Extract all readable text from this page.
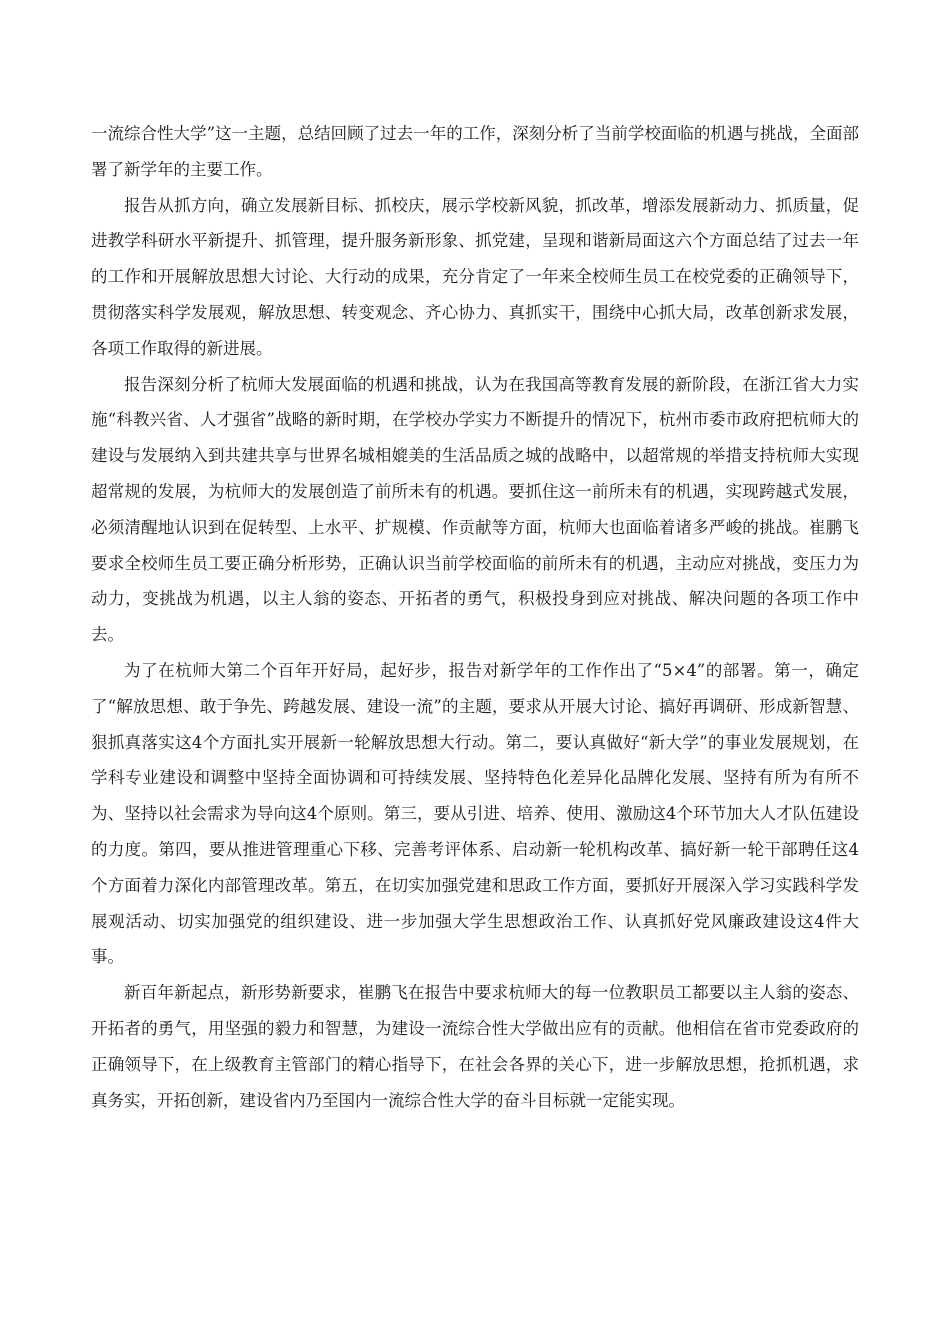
一流综合性大学”这一主题，总结回顾了过去一年的工作，深刻分析了当前学校面临的机遇与挑战，全面部署了新学年的主要工作。

报告从抓方向，确立发展新目标、抓校庆，展示学校新风貌，抓改革，增添发展新动力、抓质量，促进教学科研水平新提升、抓管理，提升服务新形象、抓党建，呈现和谐新局面这六个方面总结了过去一年的工作和开展解放思想大讨论、大行动的成果，充分肯定了一年来全校师生员工在校党委的正确领导下，贯彻落实科学发展观，解放思想、转变观念、齐心协力、真抓实干，围绕中心抓大局，改革创新求发展，各项工作取得的新进展。

报告深刻分析了杭师大发展面临的机遇和挑战，认为在我国高等教育发展的新阶段，在浙江省大力实施“科教兴省、人才强省”战略的新时期，在学校办学实力不断提升的情况下，杭州市委市政府把杭师大的建设与发展纳入到共建共享与世界名城相媲美的生活品质之城的战略中，以超常规的举措支持杭师大实现超常规的发展，为杭师大的发展创造了前所未有的机遇。要抓住这一前所未有的机遇，实现跨越式发展，必须清醒地认识到在促转型、上水平、扩规模、作贡献等方面，杭师大也面临着诸多严峻的挑战。崔鹏飞要求全校师生员工要正确分析形势，正确认识当前学校面临的前所未有的机遇，主动应对挑战，变压力为动力，变挑战为机遇，以主人翁的姿态、开拓者的勇气，积极投身到应对挑战、解决问题的各项工作中去。

为了在杭师大第二个百年开好局，起好步，报告对新学年的工作作出了“5×4”的部署。第一，确定了“解放思想、敢于争先、跨越发展、建设一流”的主题，要求从开展大讨论、搞好再调研、形成新智慧、狠抓真落实这4个方面扎实开展新一轮解放思想大行动。第二，要认真做好“新大学”的事业发展规划，在学科专业建设和调整中坚持全面协调和可持续发展、坚持特色化差异化品牌化发展、坚持有所为有所不为、坚持以社会需求为导向这4个原则。第三，要从引进、培养、使用、激励这4个环节加大人才队伍建设的力度。第四，要从推进管理重心下移、完善考评体系、启动新一轮机构改革、搞好新一轮干部聘任这4个方面着力深化内部管理改革。第五，在切实加强党建和思政工作方面，要抓好开展深入学习实践科学发展观活动、切实加强党的组织建设、进一步加强大学生思想政治工作、认真抓好党风廉政建设这4件大事。

新百年新起点，新形势新要求，崔鹏飞在报告中要求杭师大的每一位教职员工都要以主人翁的姿态、开拓者的勇气，用坚强的毅力和智慧，为建设一流综合性大学做出应有的贡献。他相信在省市党委政府的正确领导下，在上级教育主管部门的精心指导下，在社会各界的关心下，进一步解放思想，抢抓机遇，求真务实，开拓创新，建设省内乃至国内一流综合性大学的奋斗目标就一定能实现。
